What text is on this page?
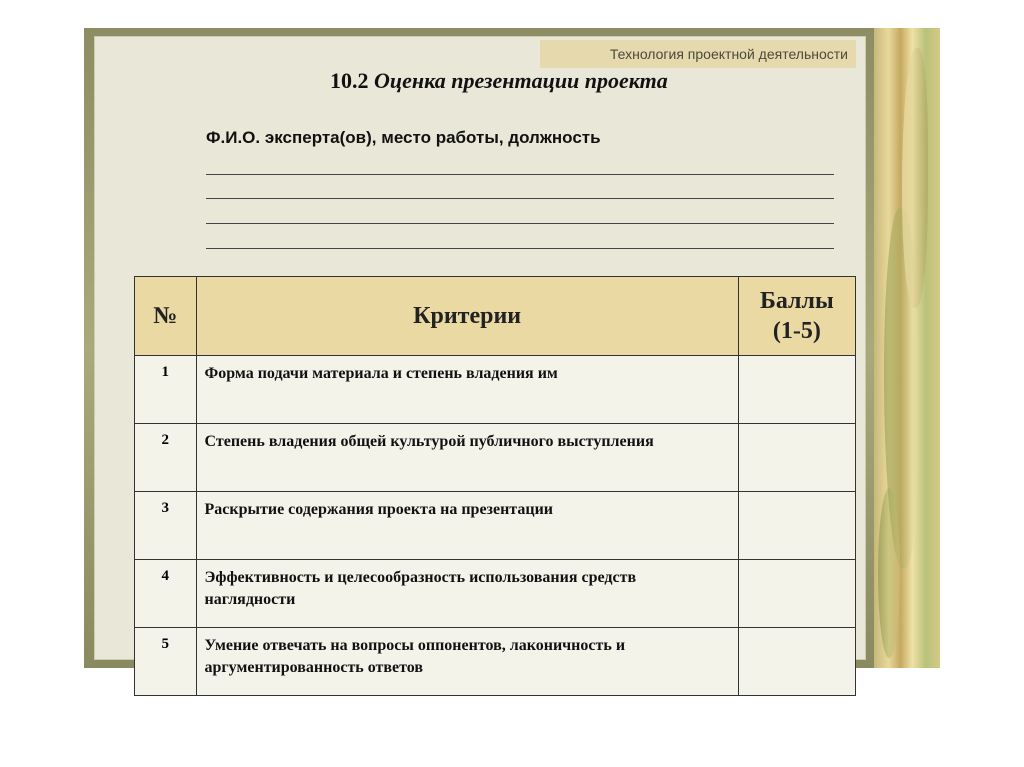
Технология проектной деятельности
10.2 Оценка презентации проекта
Ф.И.О. эксперта(ов), место работы, должность
№	Критерии	Баллы
(1-5)

1	Форма подачи материала и степень владения им	
2	Степень владения общей культурой публичного выступления	
3	Раскрытие содержания проекта на презентации	
4	Эффективность и целесообразность использования средств наглядности	
5	Умение отвечать на вопросы оппонентов, лаконичность и аргументированность ответов	
